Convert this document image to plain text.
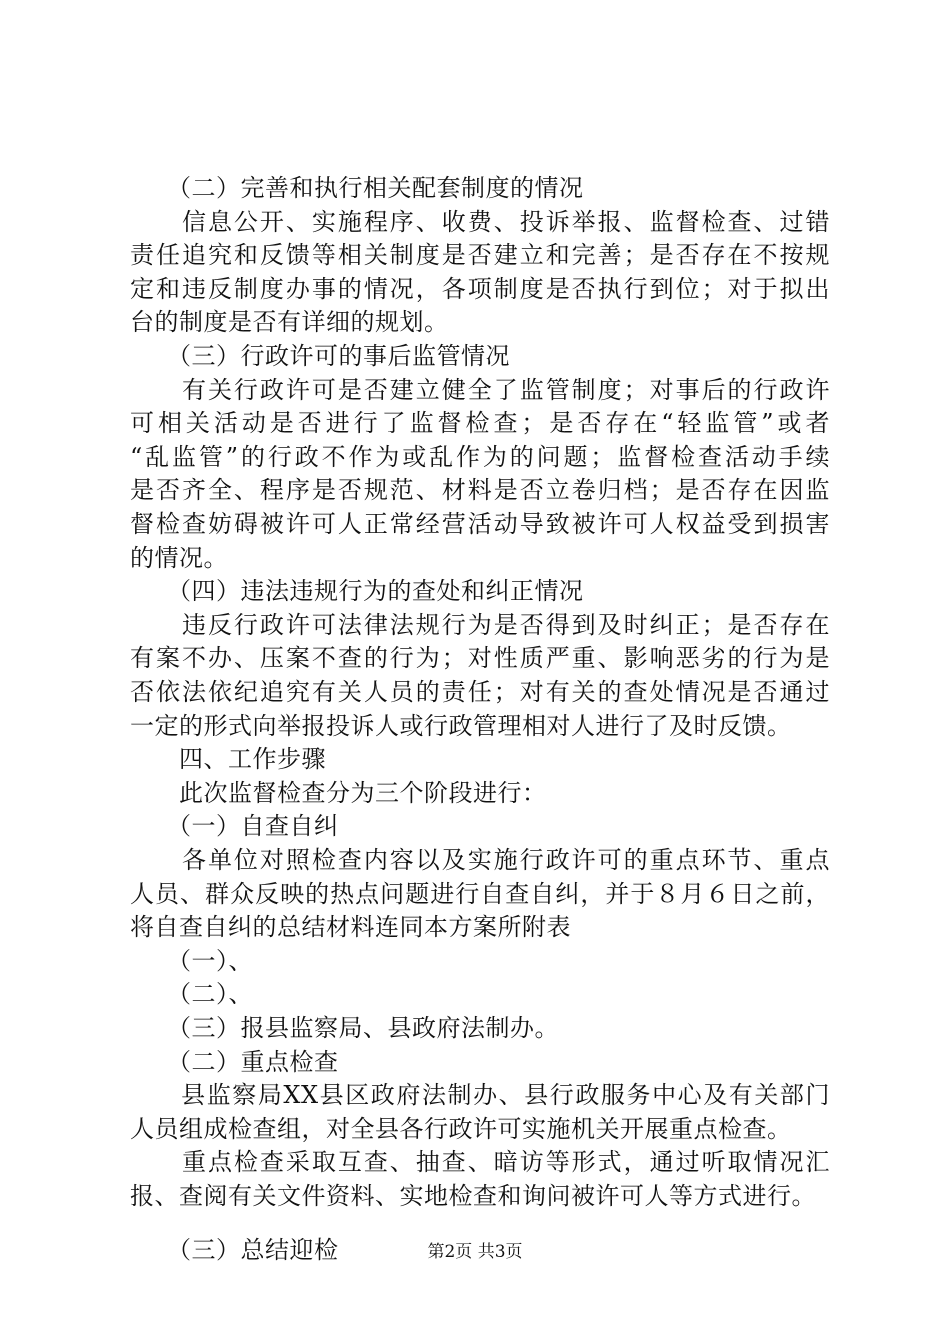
　　（二）完善和执行相关配套制度的情况
　　信息公开、实施程序、收费、投诉举报、监督检查、过错
责任追究和反馈等相关制度是否建立和完善；是否存在不按规
定和违反制度办事的情况，各项制度是否执行到位；对于拟出
台的制度是否有详细的规划。
　　（三）行政许可的事后监管情况
　　有关行政许可是否建立健全了监管制度；对事后的行政许
可相关活动是否进行了监督检查；是否存在“轻监管”或者
“乱监管”的行政不作为或乱作为的问题；监督检查活动手续
是否齐全、程序是否规范、材料是否立卷归档；是否存在因监
督检查妨碍被许可人正常经营活动导致被许可人权益受到损害
的情况。
　　（四）违法违规行为的查处和纠正情况
　　违反行政许可法律法规行为是否得到及时纠正；是否存在
有案不办、压案不查的行为；对性质严重、影响恶劣的行为是
否依法依纪追究有关人员的责任；对有关的查处情况是否通过
一定的形式向举报投诉人或行政管理相对人进行了及时反馈。
　　四、工作步骤
　　此次监督检查分为三个阶段进行：
　　（一）自查自纠
　　各单位对照检查内容以及实施行政许可的重点环节、重点
人员、群众反映的热点问题进行自查自纠，并于８月６日之前，
将自查自纠的总结材料连同本方案所附表
　　（一）、
　　（二）、
　　（三）报县监察局、县政府法制办。
　　（二）重点检查
　　县监察局XX县区政府法制办、县行政服务中心及有关部门
人员组成检查组，对全县各行政许可实施机关开展重点检查。
　　重点检查采取互查、抽查、暗访等形式，通过听取情况汇
报、查阅有关文件资料、实地检查和询问被许可人等方式进行。
　　（三）总结迎检	第2页 共3页
